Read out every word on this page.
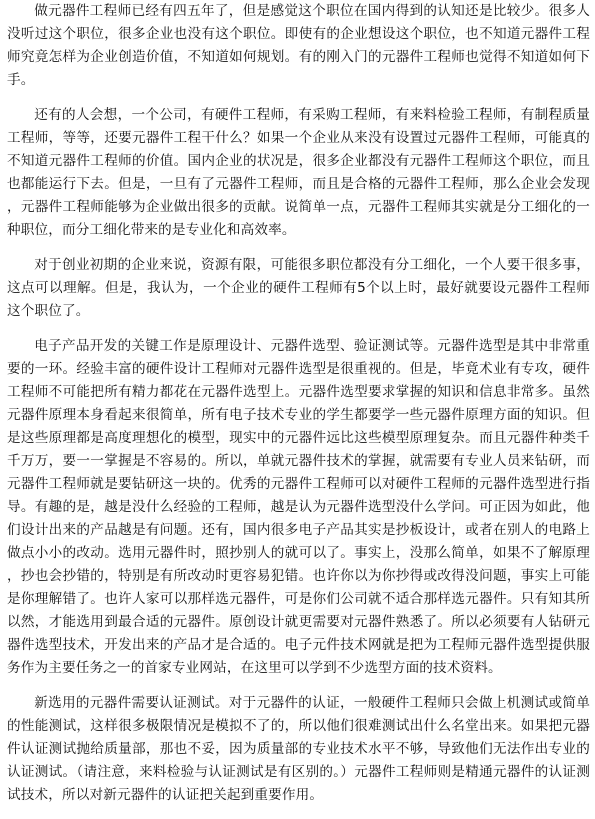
做元器件工程师已经有四五年了，但是感觉这个职位在国内得到的认知还是比较少。很多人没听过这个职位，很多企业也没有这个职位。即使有的企业想设这个职位，也不知道元器件工程师究竟怎样为企业创造价值，不知道如何规划。有的刚入门的元器件工程师也觉得不知道如何下手。

还有的人会想，一个公司，有硬件工程师，有采购工程师，有来料检验工程师，有制程质量工程师，等等，还要元器件工程干什么？如果一个企业从来没有设置过元器件工程师，可能真的不知道元器件工程师的价值。国内企业的状况是，很多企业都没有元器件工程师这个职位，而且也都能运行下去。但是，一旦有了元器件工程师，而且是合格的元器件工程师，那么企业会发现，元器件工程师能够为企业做出很多的贡献。说简单一点，元器件工程师其实就是分工细化的一种职位，而分工细化带来的是专业化和高效率。

对于创业初期的企业来说，资源有限，可能很多职位都没有分工细化，一个人要干很多事，这点可以理解。但是，我认为，一个企业的硬件工程师有5个以上时，最好就要设元器件工程师这个职位了。

电子产品开发的关键工作是原理设计、元器件选型、验证测试等。元器件选型是其中非常重要的一环。经验丰富的硬件设计工程师对元器件选型是很重视的。但是，毕竟术业有专攻，硬件工程师不可能把所有精力都花在元器件选型上。元器件选型要求掌握的知识和信息非常多。虽然元器件原理本身看起来很简单，所有电子技术专业的学生都要学一些元器件原理方面的知识。但是这些原理都是高度理想化的模型，现实中的元器件远比这些模型原理复杂。而且元器件种类千千万万，要一一掌握是不容易的。所以，单就元器件技术的掌握，就需要有专业人员来钻研，而元器件工程师就是要钻研这一块的。优秀的元器件工程师可以对硬件工程师的元器件选型进行指导。有趣的是，越是没什么经验的工程师，越是认为元器件选型没什么学问。可正因为如此，他们设计出来的产品越是有问题。还有，国内很多电子产品其实是抄板设计，或者在别人的电路上做点小小的改动。选用元器件时，照抄别人的就可以了。事实上，没那么简单，如果不了解原理，抄也会抄错的，特别是有所改动时更容易犯错。也许你以为你抄得或改得没问题，事实上可能是你理解错了。也许人家可以那样选元器件，可是你们公司就不适合那样选元器件。只有知其所以然，才能选用到最合适的元器件。原创设计就更需要对元器件熟悉了。所以必须要有人钻研元器件选型技术，开发出来的产品才是合适的。电子元件技术网就是把为工程师元器件选型提供服务作为主要任务之一的首家专业网站，在这里可以学到不少选型方面的技术资料。

新选用的元器件需要认证测试。对于元器件的认证，一般硬件工程师只会做上机测试或简单的性能测试，这样很多极限情况是模拟不了的，所以他们很难测试出什么名堂出来。如果把元器件认证测试抛给质量部，那也不妥，因为质量部的专业技术水平不够，导致他们无法作出专业的认证测试。（请注意，来料检验与认证测试是有区别的。）元器件工程师则是精通元器件的认证测试技术，所以对新元器件的认证把关起到重要作用。
